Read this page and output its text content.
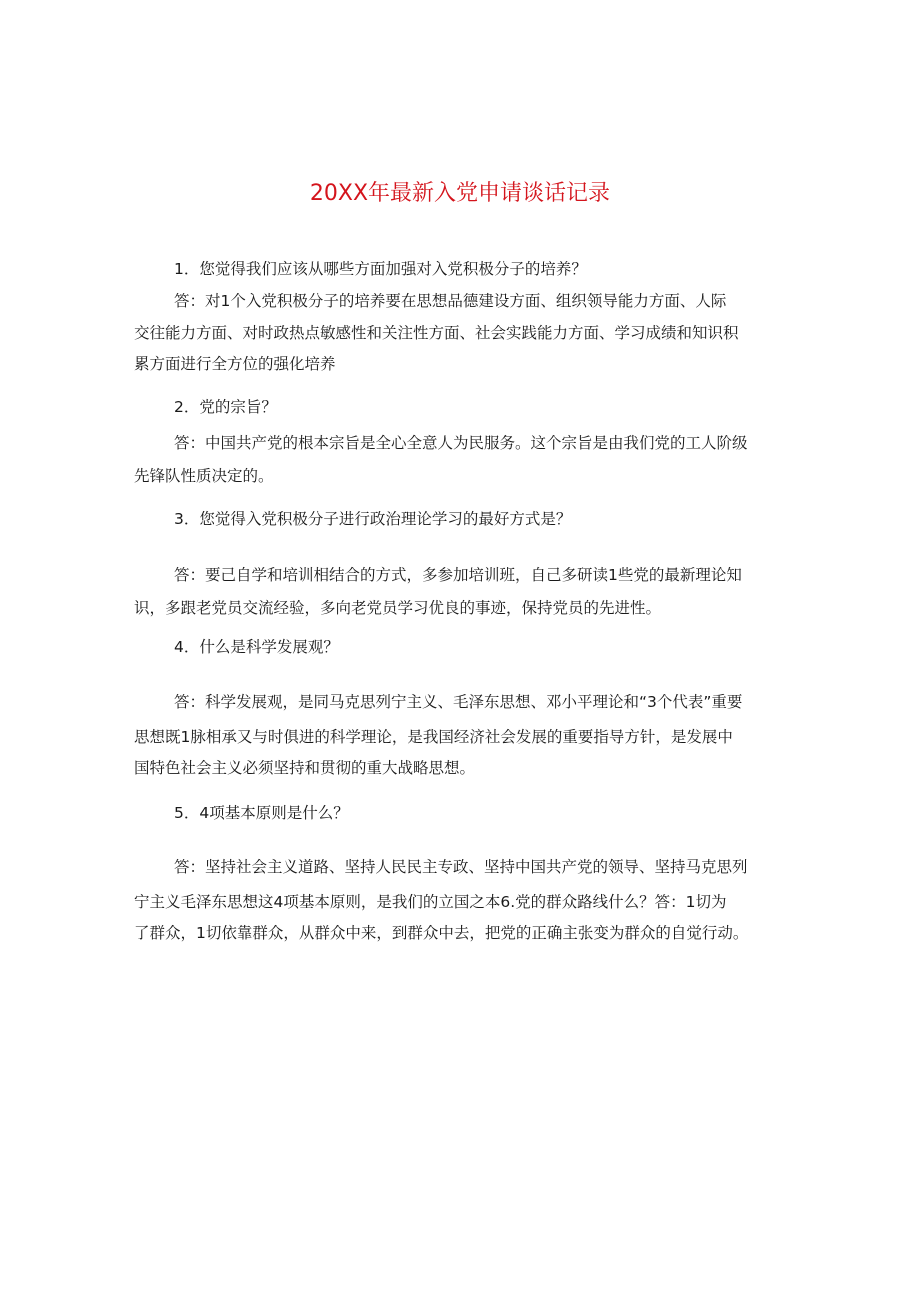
20XX年最新入党申请谈话记录
1．您觉得我们应该从哪些方面加强对入党积极分子的培养？
答：对1个入党积极分子的培养要在思想品德建设方面、组织领导能力方面、人际
交往能力方面、对时政热点敏感性和关注性方面、社会实践能力方面、学习成绩和知识积
累方面进行全方位的强化培养
2．党的宗旨？
答：中国共产党的根本宗旨是全心全意人为民服务。这个宗旨是由我们党的工人阶级
先锋队性质决定的。
3．您觉得入党积极分子进行政治理论学习的最好方式是？
答：要己自学和培训相结合的方式，多参加培训班，自己多研读1些党的最新理论知
识，多跟老党员交流经验，多向老党员学习优良的事迹，保持党员的先进性。
4．什么是科学发展观？
答：科学发展观，是同马克思列宁主义、毛泽东思想、邓小平理论和“3个代表”重要
思想既1脉相承又与时俱进的科学理论，是我国经济社会发展的重要指导方针，是发展中
国特色社会主义必须坚持和贯彻的重大战略思想。
5．4项基本原则是什么？
答：坚持社会主义道路、坚持人民民主专政、坚持中国共产党的领导、坚持马克思列
宁主义毛泽东思想这4项基本原则，是我们的立国之本6.党的群众路线什么？答：1切为
了群众，1切依靠群众，从群众中来，到群众中去，把党的正确主张变为群众的自觉行动。
